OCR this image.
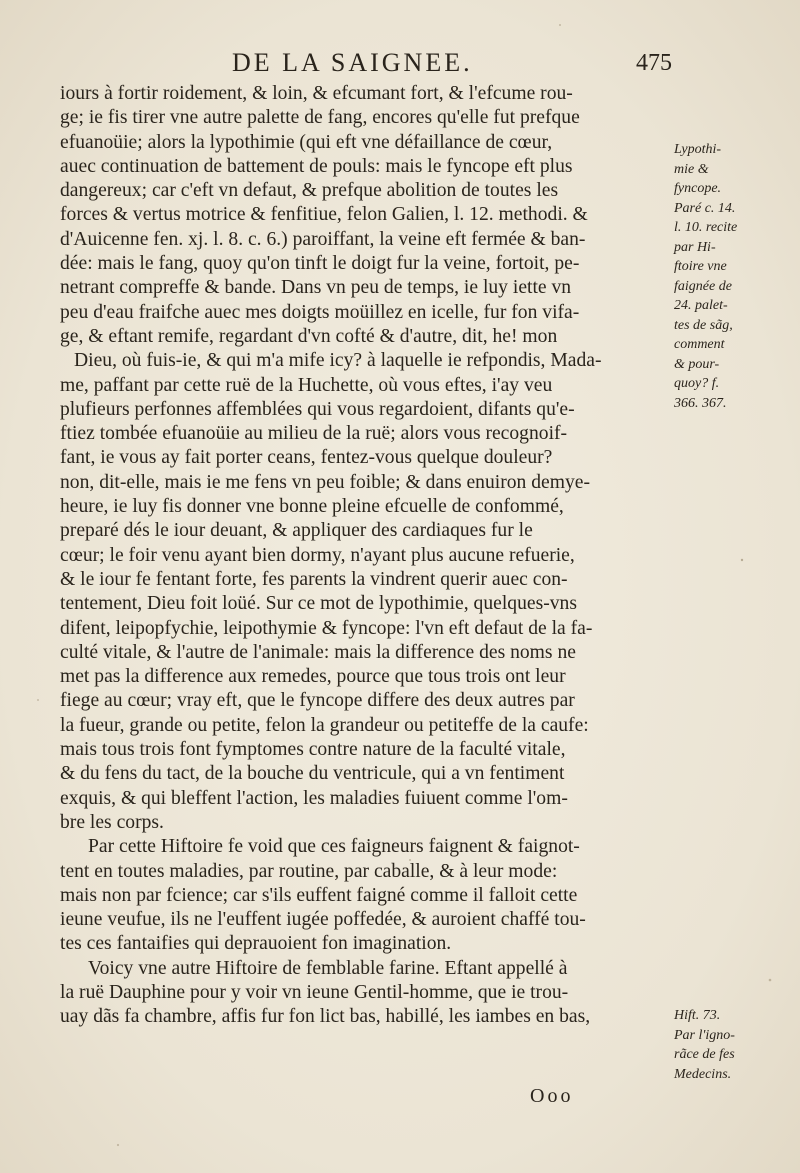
DE LA SAIGNEE.	475
iours à fortir roidement, & loin, & efcumant fort, & l'efcume rou-
ge; ie fis tirer vne autre palette de fang, encores qu'elle fut prefque
efuanoüie; alors la lypothimie (qui eft vne défaillance de cœur,
auec continuation de battement de pouls: mais le fyncope eft plus
dangereux; car c'eft vn defaut, & prefque abolition de toutes les
forces & vertus motrice & fenfitiue, felon Galien, l. 12. methodi. &
d'Auicenne fen. xj. l. 8. c. 6.) paroiffant, la veine eft fermée & ban-
dée: mais le fang, quoy qu'on tinft le doigt fur la veine, fortoit, pe-
netrant compreffe & bande. Dans vn peu de temps, ie luy iette vn
peu d'eau fraifche auec mes doigts moüillez en icelle, fur fon vifa-
ge, & eftant remife, regardant d'vn cofté & d'autre, dit, he! mon
Dieu, où fuis-ie, & qui m'a mife icy? à laquelle ie refpondis, Mada-
me, paffant par cette ruë de la Huchette, où vous eftes, i'ay veu
plufieurs perfonnes affemblées qui vous regardoient, difants qu'e-
ftiez tombée efuanoüie au milieu de la ruë; alors vous recognoif-
fant, ie vous ay fait porter ceans, fentez-vous quelque douleur?
non, dit-elle, mais ie me fens vn peu foible; & dans enuiron demye-
heure, ie luy fis donner vne bonne pleine efcuelle de confommé,
preparé dés le iour deuant, & appliquer des cardiaques fur le
cœur; le foir venu ayant bien dormy, n'ayant plus aucune refuerie,
& le iour fe fentant forte, fes parents la vindrent querir auec con-
tentement, Dieu foit loüé. Sur ce mot de lypothimie, quelques-vns
difent, leipopfychie, leipothymie & fyncope: l'vn eft defaut de la fa-
culté vitale, & l'autre de l'animale: mais la difference des noms ne
met pas la difference aux remedes, pource que tous trois ont leur
fiege au cœur; vray eft, que le fyncope differe des deux autres par
la fueur, grande ou petite, felon la grandeur ou petiteffe de la caufe:
mais tous trois font fymptomes contre nature de la faculté vitale,
& du fens du tact, de la bouche du ventricule, qui a vn fentiment
exquis, & qui bleffent l'action, les maladies fuiuent comme l'om-
bre les corps.
Par cette Hiftoire fe void que ces faigneurs faignent & faignot-
tent en toutes maladies, par routine, par caballe, & à leur mode:
mais non par fcience; car s'ils euffent faigné comme il falloit cette
ieune veufue, ils ne l'euffent iugée poffedée, & auroient chaffé tou-
tes ces fantaifies qui deprauoient fon imagination.
Voicy vne autre Hiftoire de femblable farine. Eftant appellé à
la ruë Dauphine pour y voir vn ieune Gentil-homme, que ie trou-
uay dãs fa chambre, affis fur fon lict bas, habillé, les iambes en bas,
Lypothi-
mie &
fyncope.
Paré c. 14.
l. 10. recite
par Hi-
ftoire vne
faignée de
24. palet-
tes de sãg,
comment
& pour-
quoy? f.
366. 367.
Hift. 73.
Par l'igno-
rãce de fes
Medecins.
Ooo
